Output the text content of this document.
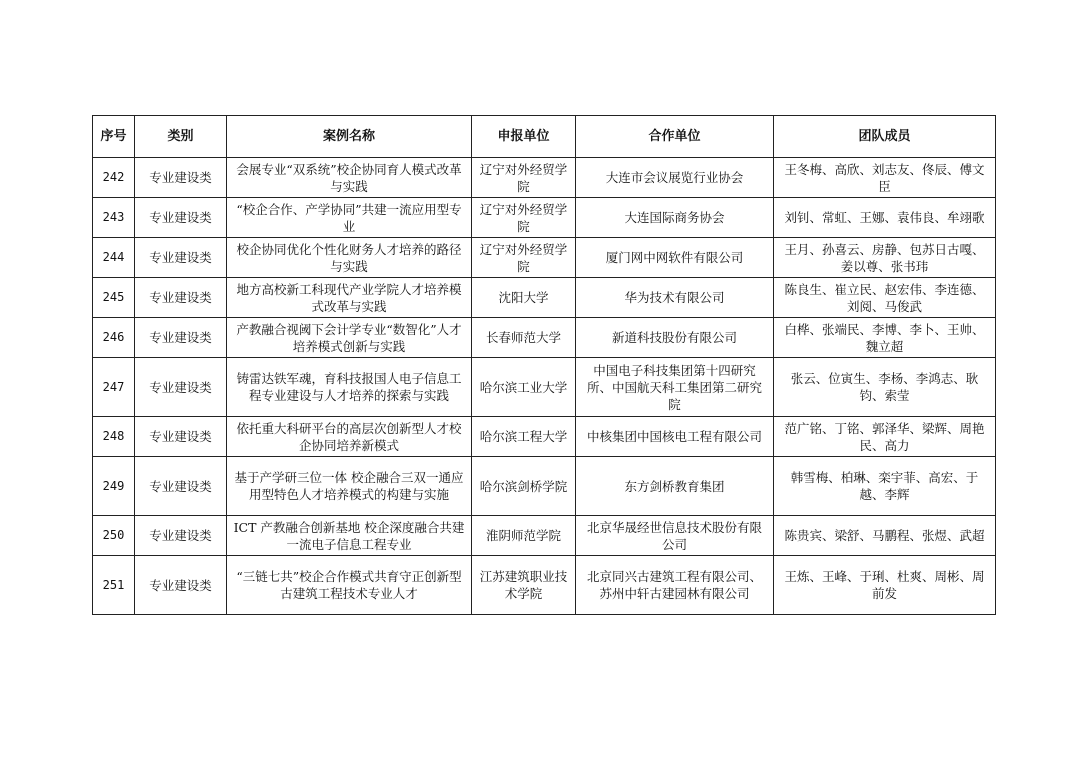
序号	类别	案例名称	申报单位	合作单位	团队成员
242	专业建设类	会展专业“双系统”校企协同育人模式改革与实践	辽宁对外经贸学院	大连市会议展览行业协会	王冬梅、高欣、刘志友、佟辰、傅文臣
243	专业建设类	“校企合作、产学协同”共建一流应用型专业	辽宁对外经贸学院	大连国际商务协会	刘钊、常虹、王娜、袁伟良、牟翊歌
244	专业建设类	校企协同优化个性化财务人才培养的路径与实践	辽宁对外经贸学院	厦门网中网软件有限公司	王月、孙喜云、房静、包苏日古嘎、姜以尊、张书玮
245	专业建设类	地方高校新工科现代产业学院人才培养模式改革与实践	沈阳大学	华为技术有限公司	陈良生、崔立民、赵宏伟、李连德、刘阅、马俊武
246	专业建设类	产教融合视阈下会计学专业“数智化”人才培养模式创新与实践	长春师范大学	新道科技股份有限公司	白桦、张端民、李博、李卜、王帅、魏立超
247	专业建设类	铸雷达铁军魂，育科技报国人电子信息工程专业建设与人才培养的探索与实践	哈尔滨工业大学	中国电子科技集团第十四研究所、中国航天科工集团第二研究院	张云、位寅生、李杨、李鸿志、耿钧、索莹
248	专业建设类	依托重大科研平台的高层次创新型人才校企协同培养新模式	哈尔滨工程大学	中核集团中国核电工程有限公司	范广铭、丁铭、郭泽华、梁辉、周艳民、高力
249	专业建设类	基于产学研三位一体 校企融合三双一通应用型特色人才培养模式的构建与实施	哈尔滨剑桥学院	东方剑桥教育集团	韩雪梅、柏琳、栾宇菲、高宏、于越、李辉
250	专业建设类	ICT 产教融合创新基地 校企深度融合共建一流电子信息工程专业	淮阴师范学院	北京华晟经世信息技术股份有限公司	陈贵宾、梁舒、马鹏程、张煜、武超
251	专业建设类	“三链七共”校企合作模式共育守正创新型古建筑工程技术专业人才	江苏建筑职业技术学院	北京同兴古建筑工程有限公司、苏州中轩古建园林有限公司	王炼、王峰、于琍、杜爽、周彬、周前发
